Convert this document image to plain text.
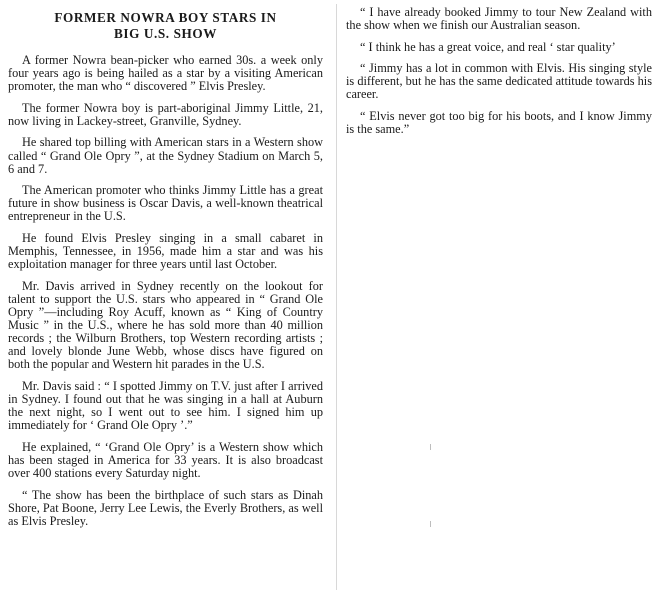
FORMER NOWRA BOY STARS IN
BIG U.S. SHOW

A former Nowra bean-picker who earned 30s. a week only four years ago is being hailed as a star by a visiting American promoter, the man who “ discovered ” Elvis Presley.

The former Nowra boy is part-aboriginal Jimmy Little, 21, now living in Lackey-street, Granville, Sydney.

He shared top billing with American stars in a Western show called “ Grand Ole Opry ”, at the Sydney Stadium on March 5, 6 and 7.

The American promoter who thinks Jimmy Little has a great future in show business is Oscar Davis, a well-known theatrical entrepreneur in the U.S.

He found Elvis Presley singing in a small cabaret in Memphis, Tennessee, in 1956, made him a star and was his exploitation manager for three years until last October.

Mr. Davis arrived in Sydney recently on the lookout for talent to support the U.S. stars who appeared in “ Grand Ole Opry ”—including Roy Acuff, known as “ King of Country Music ” in the U.S., where he has sold more than 40 million records ; the Wilburn Brothers, top Western recording artists ; and lovely blonde June Webb, whose discs have figured on both the popular and Western hit parades in the U.S.

Mr. Davis said : “ I spotted Jimmy on T.V. just after I arrived in Sydney. I found out that he was singing in a hall at Auburn the next night, so I went out to see him. I signed him up immediately for ‘ Grand Ole Opry ’.”

He explained, “ ‘Grand Ole Opry’ is a Western show which has been staged in America for 33 years. It is also broadcast over 400 stations every Saturday night.

“ The show has been the birthplace of such stars as Dinah Shore, Pat Boone, Jerry Lee Lewis, the Everly Brothers, as well as Elvis Presley.

“ I have already booked Jimmy to tour New Zealand with the show when we finish our Australian season.

“ I think he has a great voice, and real ‘ star quality’

“ Jimmy has a lot in common with Elvis. His singing style is different, but he has the same dedicated attitude towards his career.

“ Elvis never got too big for his boots, and I know Jimmy is the same.”
